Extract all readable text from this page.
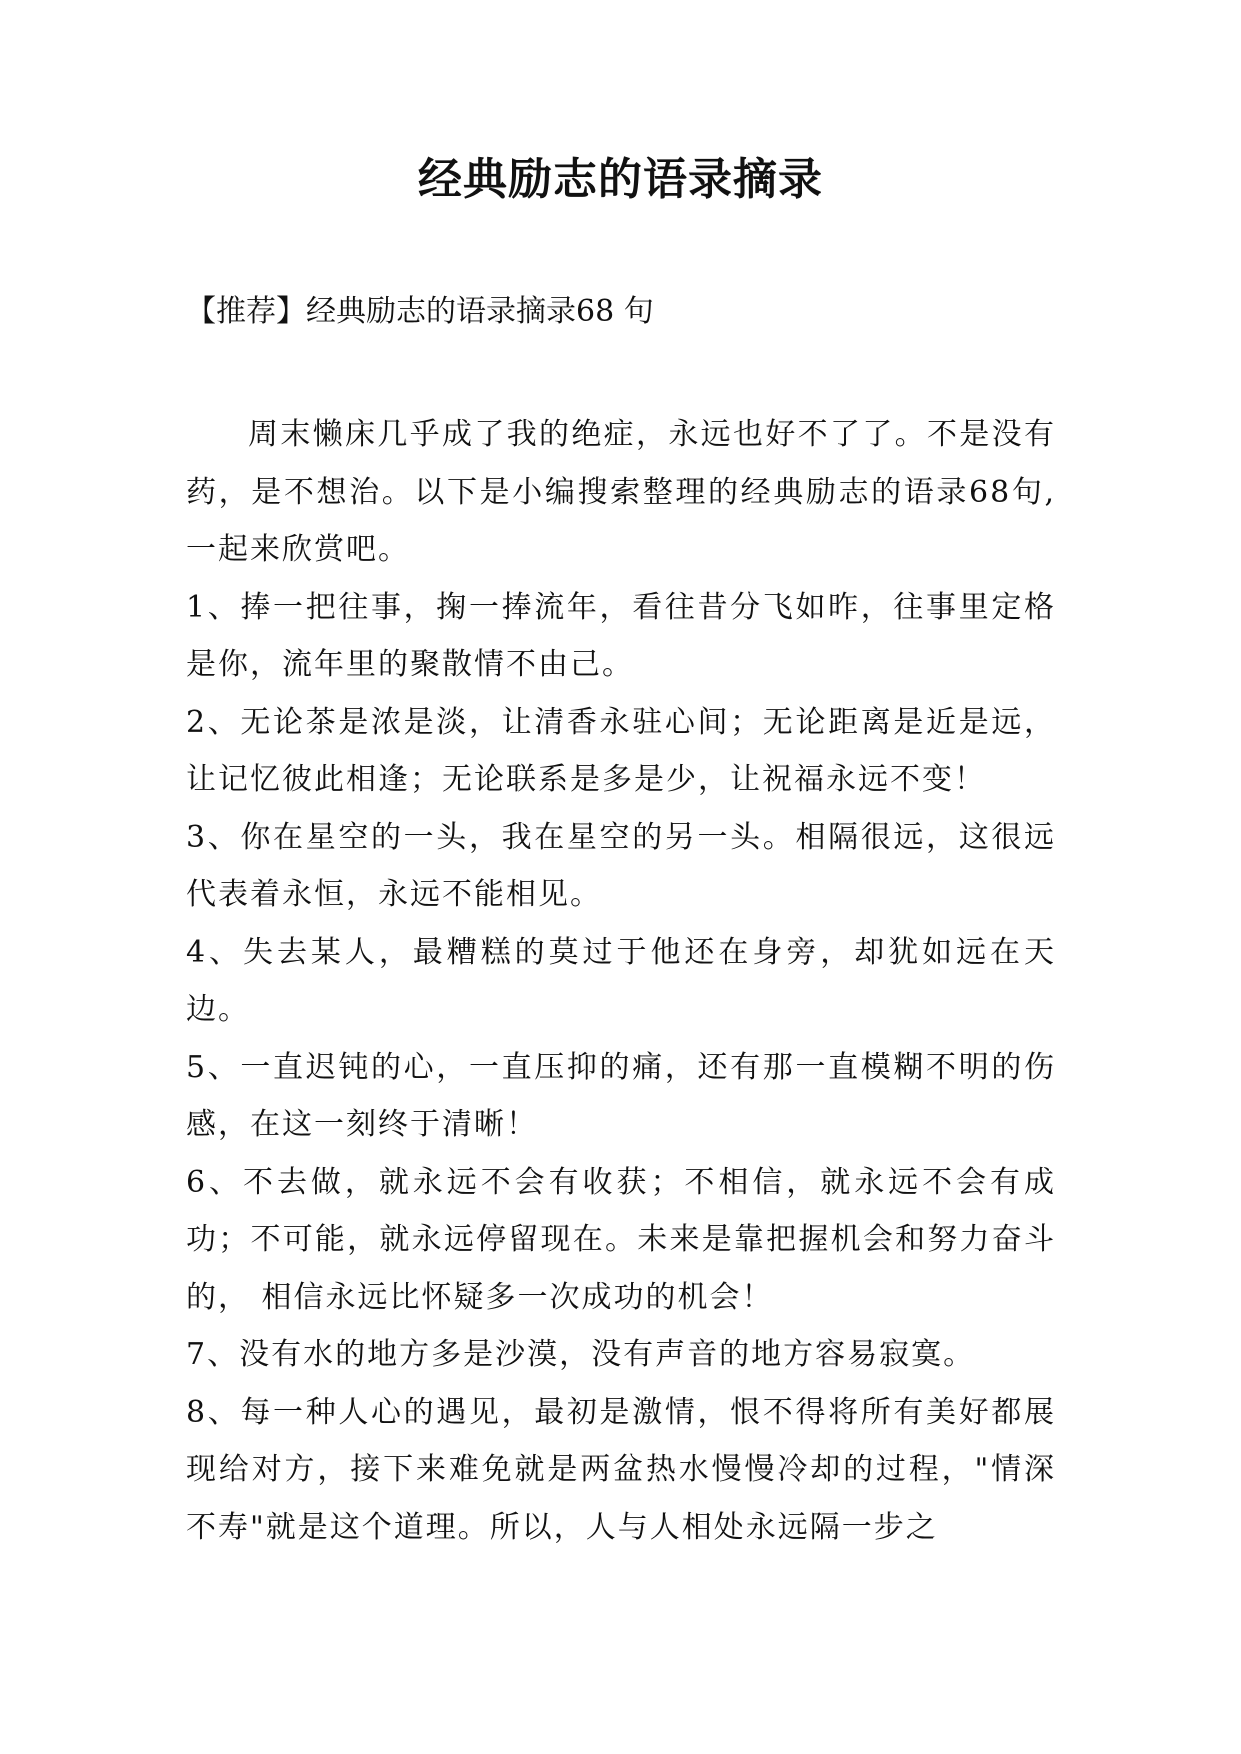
经典励志的语录摘录
【推荐】经典励志的语录摘录68 句

周末懒床几乎成了我的绝症，永远也好不了了。不是没有药，是不想治。以下是小编搜索整理的经典励志的语录68句,一起来欣赏吧。

1、捧一把往事，掬一捧流年，看往昔分飞如昨，往事里定格是你，流年里的聚散情不由己。

2、无论茶是浓是淡，让清香永驻心间；无论距离是近是远，让记忆彼此相逢；无论联系是多是少，让祝福永远不变！

3、你在星空的一头，我在星空的另一头。相隔很远，这很远代表着永恒，永远不能相见。

4、失去某人，最糟糕的莫过于他还在身旁，却犹如远在天边。

5、一直迟钝的心，一直压抑的痛，还有那一直模糊不明的伤感，在这一刻终于清晰！

6、不去做，就永远不会有收获；不相信，就永远不会有成功；不可能，就永远停留现在。未来是靠把握机会和努力奋斗的， 相信永远比怀疑多一次成功的机会！

7、没有水的地方多是沙漠，没有声音的地方容易寂寞。

8、每一种人心的遇见，最初是激情，恨不得将所有美好都展现给对方，接下来难免就是两盆热水慢慢冷却的过程，"情深不寿"就是这个道理。所以，人与人相处永远隔一步之
